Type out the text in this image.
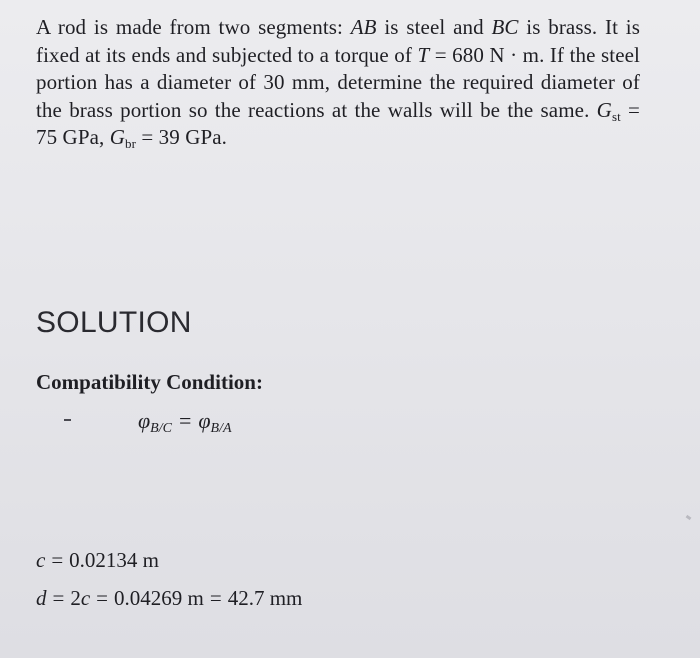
A rod is made from two segments: AB is steel and BC is brass. It is fixed at its ends and subjected to a torque of T = 680 N · m. If the steel portion has a diameter of 30 mm, determine the required diameter of the brass portion so the reactions at the walls will be the same. $G_{st} = 75$ GPa, $G_{br} = 39$ GPa.
SOLUTION
Compatibility Condition:
$\varphi_{B/C} = \varphi_{B/A}$
c = 0.02134 m
d = 2c = 0.04269 m = 42.7 mm
